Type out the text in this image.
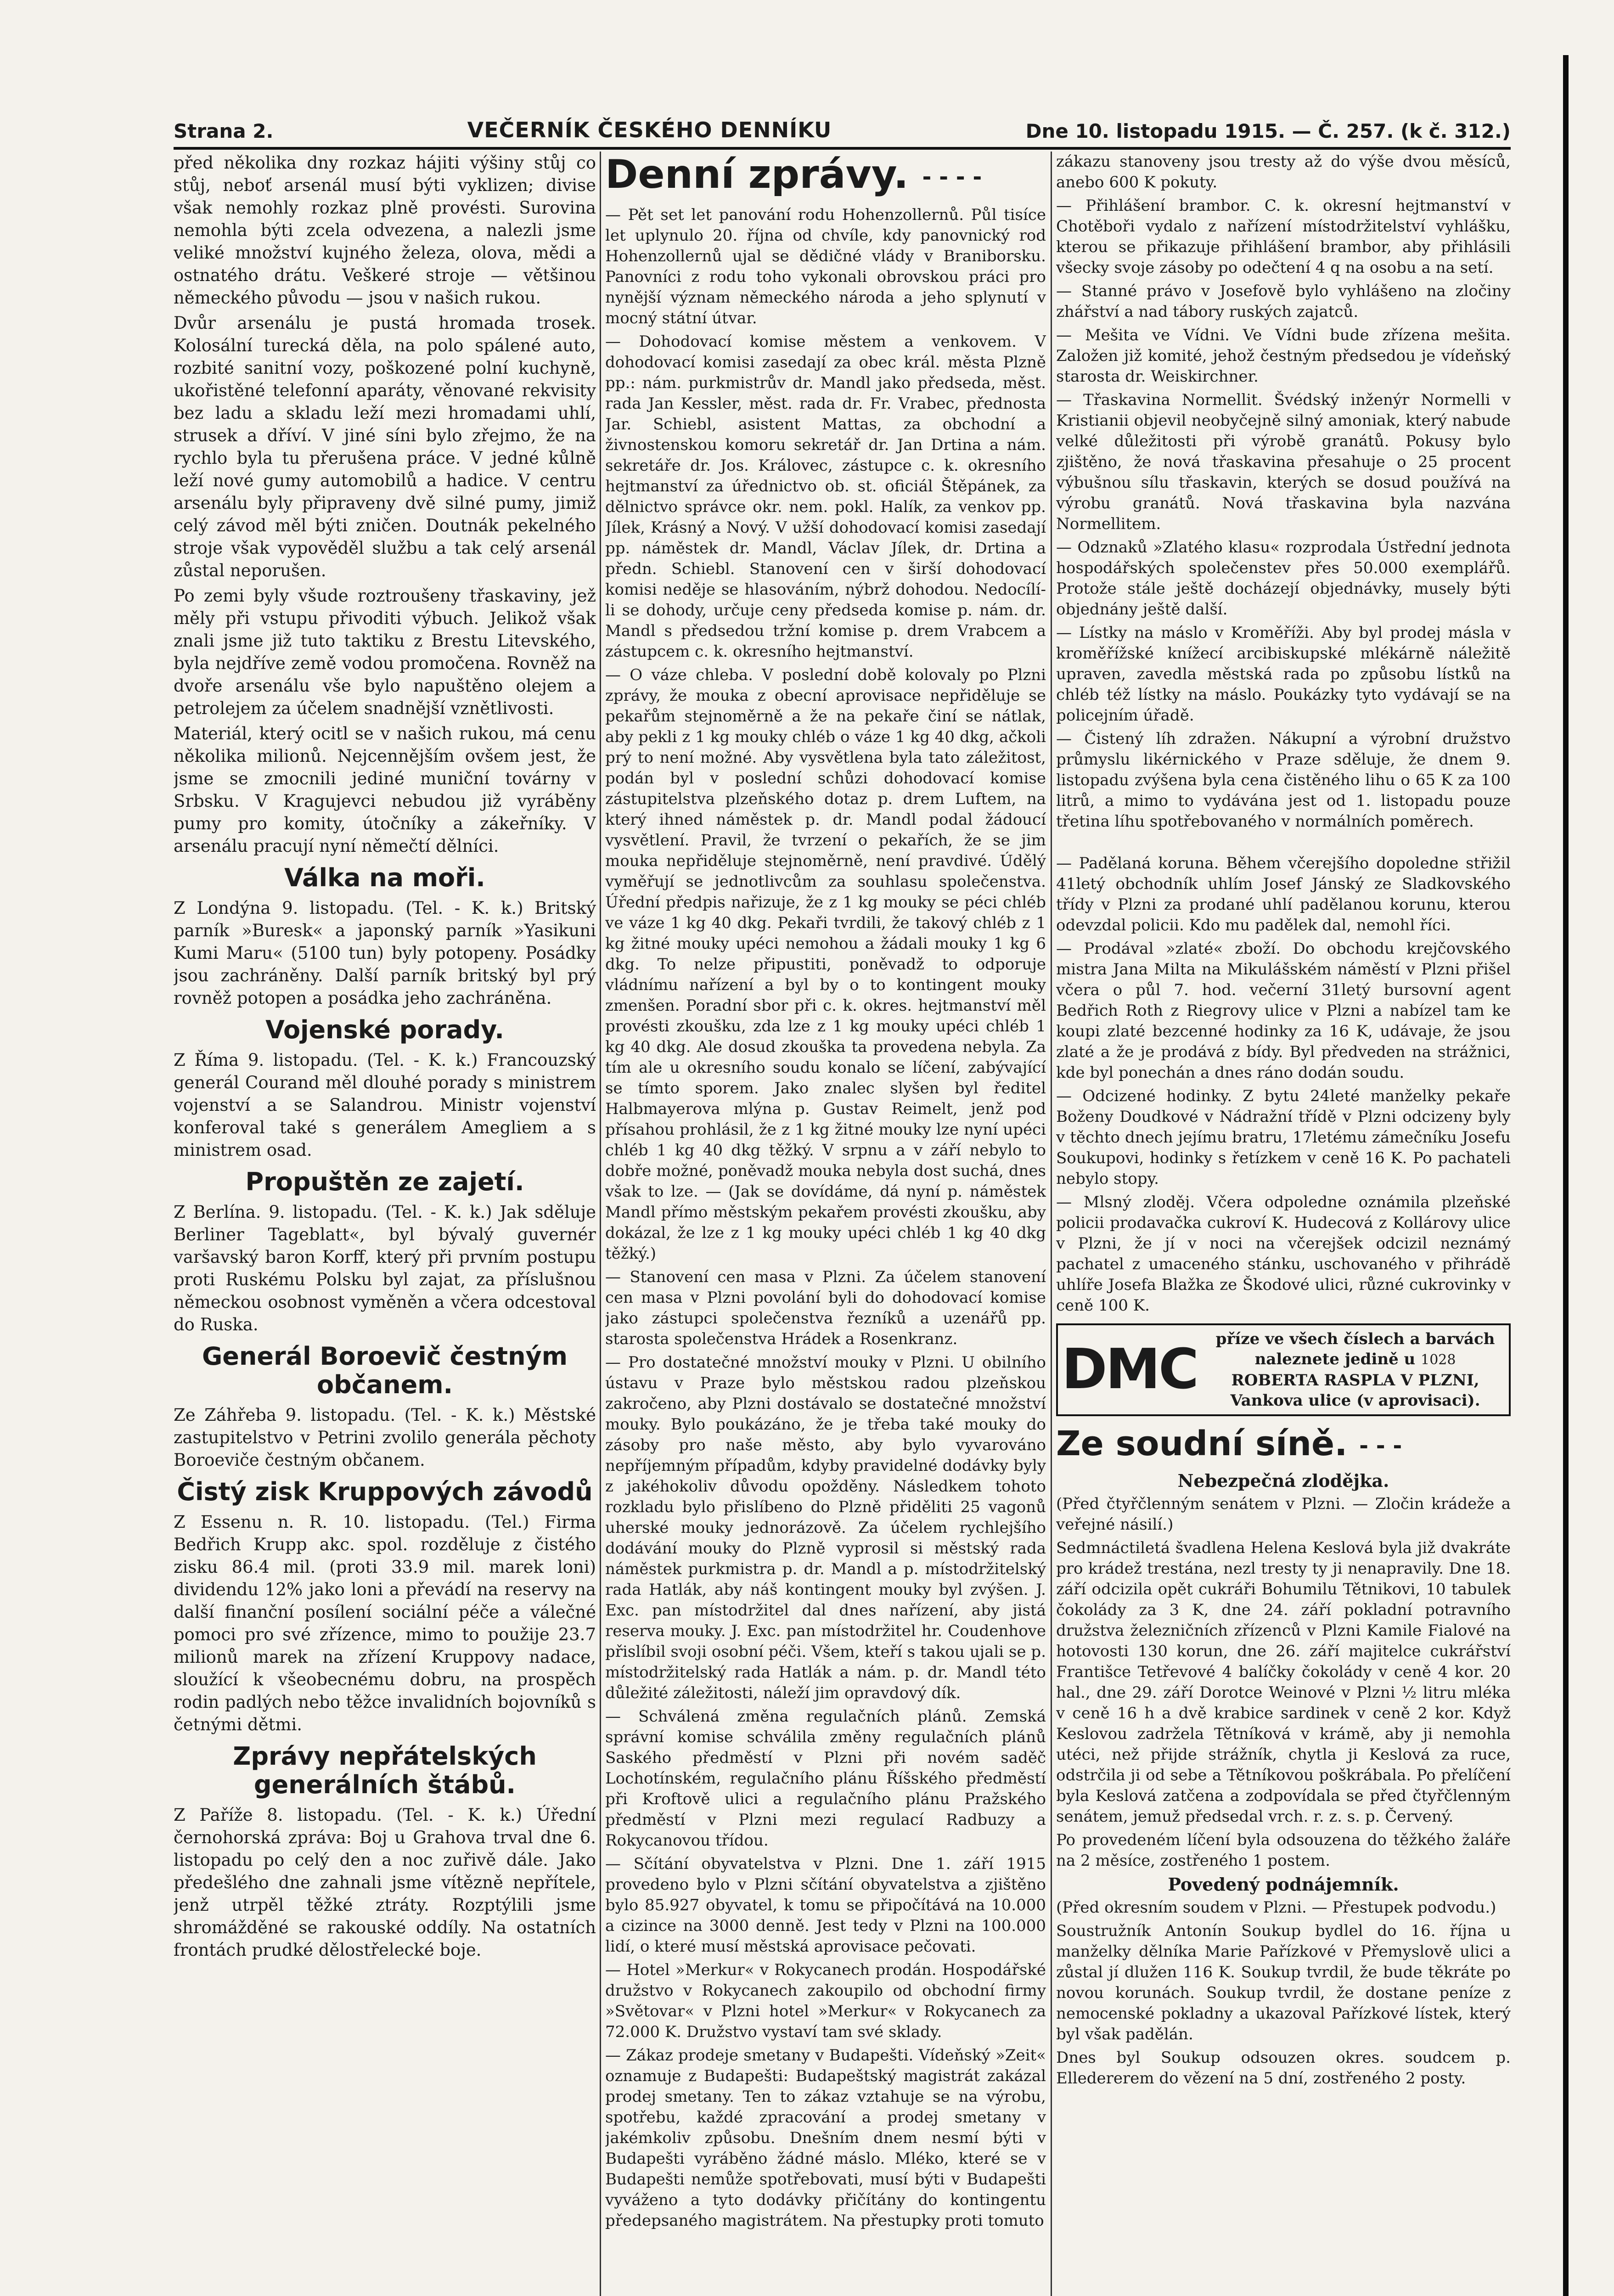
Strana 2.	VEČERNÍK ČESKÉHO DENNÍKU	Dne 10. listopadu 1915. — Č. 257. (k č. 312.)

před několika dny rozkaz hájiti výšiny stůj co stůj, neboť arsenál musí býti vyklizen; divise však nemohly rozkaz plně provésti. Surovina nemohla býti zcela odvezena, a nalezli jsme veliké množství kujného železa, olova, mědi a ostnatého drátu. Veškeré stroje — většinou německého původu — jsou v našich rukou.

Dvůr arsenálu je pustá hromada trosek. Kolosální turecká děla, na polo spálené auto, rozbité sanitní vozy, poškozené polní kuchyně, ukořistěné telefonní aparáty, věnované rekvisity bez ladu a skladu leží mezi hromadami uhlí, strusek a dříví. V jiné síni bylo zřejmo, že na rychlo byla tu přerušena práce. V jedné kůlně leží nové gumy automobilů a hadice. V centru arsenálu byly připraveny dvě silné pumy, jimiž celý závod měl býti zničen. Doutnák pekelného stroje však vypověděl službu a tak celý arsenál zůstal neporušen.

Po zemi byly všude roztroušeny třaskaviny, jež měly při vstupu přivoditi výbuch. Jelikož však znali jsme již tuto taktiku z Brestu Litevského, byla nejdříve země vodou promočena. Rovněž na dvoře arsenálu vše bylo napuštěno olejem a petrolejem za účelem snadnější vznětlivosti.

Materiál, který ocitl se v našich rukou, má cenu několika milionů. Nejcennějším ovšem jest, že jsme se zmocnili jediné muniční továrny v Srbsku. V Kragujevci nebudou již vyráběny pumy pro komity, útočníky a zákeřníky. V arsenálu pracují nyní němečtí dělníci.

Válka na moři.

Z Londýna 9. listopadu. (Tel. - K. k.) Britský parník »Buresk« a japonský parník »Yasikuni Kumi Maru« (5100 tun) byly potopeny. Posádky jsou zachráněny. Další parník britský byl prý rovněž potopen a posádka jeho zachráněna.

Vojenské porady.

Z Říma 9. listopadu. (Tel. - K. k.) Francouzský generál Courand měl dlouhé porady s ministrem vojenství a se Salandrou. Ministr vojenství konferoval také s generálem Amegliem a s ministrem osad.

Propuštěn ze zajetí.

Z Berlína. 9. listopadu. (Tel. - K. k.) Jak sděluje Berliner Tageblatt«, byl bývalý guvernér varšavský baron Korff, který při prvním postupu proti Ruskému Polsku byl zajat, za příslušnou německou osobnost vyměněn a včera odcestoval do Ruska.

Generál Boroevič čestným občanem.

Ze Záhřeba 9. listopadu. (Tel. - K. k.) Městské zastupitelstvo v Petrini zvolilo generála pěchoty Boroeviče čestným občanem.

Čistý zisk Kruppových závodů

Z Essenu n. R. 10. listopadu. (Tel.) Firma Bedřich Krupp akc. spol. rozděluje z čistého zisku 86.4 mil. (proti 33.9 mil. marek loni) dividendu 12% jako loni a převádí na reservy na další finanční posílení sociální péče a válečné pomoci pro své zřízence, mimo to použije 23.7 milionů marek na zřízení Kruppovy nadace, sloužící k všeobecnému dobru, na prospěch rodin padlých nebo těžce invalidních bojovníků s četnými dětmi.

Zprávy nepřátelských generálních štábů.

Z Paříže 8. listopadu. (Tel. - K. k.) Úřední černohorská zpráva: Boj u Grahova trval dne 6. listopadu po celý den a noc zuřivě dále. Jako předešlého dne zahnali jsme vítězně nepřítele, jenž utrpěl těžké ztráty. Rozptýlili jsme shromážděné se rakouské oddíly. Na ostatních frontách prudké dělostřelecké boje.

Denní zprávy. - - - -

— Pět set let panování rodu Hohenzollernů. Půl tisíce let uplynulo 20. října od chvíle, kdy panovnický rod Hohenzollernů ujal se dědičné vlády v Braniborsku. Panovníci z rodu toho vykonali obrovskou práci pro nynější význam německého národa a jeho splynutí v mocný státní útvar.

— Dohodovací komise městem a venkovem. V dohodovací komisi zasedají za obec král. města Plzně pp.: nám. purkmistrův dr. Mandl jako předseda, měst. rada Jan Kessler, měst. rada dr. Fr. Vrabec, přednosta Jar. Schiebl, asistent Mattas, za obchodní a živnostenskou komoru sekretář dr. Jan Drtina a nám. sekretáře dr. Jos. Královec, zástupce c. k. okresního hejtmanství za úřednictvo ob. st. oficiál Štěpánek, za dělnictvo správce okr. nem. pokl. Halík, za venkov pp. Jílek, Krásný a Nový. V užší dohodovací komisi zasedají pp. náměstek dr. Mandl, Václav Jílek, dr. Drtina a předn. Schiebl. Stanovení cen v širší dohodovací komisi neděje se hlasováním, nýbrž dohodou. Nedocílí-li se dohody, určuje ceny předseda komise p. nám. dr. Mandl s předsedou tržní komise p. drem Vrabcem a zástupcem c. k. okresního hejtmanství.

— O váze chleba. V poslední době kolovaly po Plzni zprávy, že mouka z obecní aprovisace nepřiděluje se pekařům stejnoměrně a že na pekaře činí se nátlak, aby pekli z 1 kg mouky chléb o váze 1 kg 40 dkg, ačkoli prý to není možné. Aby vysvětlena byla tato záležitost, podán byl v poslední schůzi dohodovací komise zástupitelstva plzeňského dotaz p. drem Luftem, na který ihned náměstek p. dr. Mandl podal žádoucí vysvětlení. Pravil, že tvrzení o pekařích, že se jim mouka nepřiděluje stejnoměrně, není pravdivé. Údělý vyměřují se jednotlivcům za souhlasu společenstva. Úřední předpis nařizuje, že z 1 kg mouky se péci chléb ve váze 1 kg 40 dkg. Pekaři tvrdili, že takový chléb z 1 kg žitné mouky upéci nemohou a žádali mouky 1 kg 6 dkg. To nelze připustiti, poněvadž to odporuje vládnímu nařízení a byl by o to kontingent mouky zmenšen. Poradní sbor při c. k. okres. hejtmanství měl provésti zkoušku, zda lze z 1 kg mouky upéci chléb 1 kg 40 dkg. Ale dosud zkouška ta provedena nebyla. Za tím ale u okresního soudu konalo se líčení, zabývající se tímto sporem. Jako znalec slyšen byl ředitel Halbmayerova mlýna p. Gustav Reimelt, jenž pod přísahou prohlásil, že z 1 kg žitné mouky lze nyní upéci chléb 1 kg 40 dkg těžký. V srpnu a v září nebylo to dobře možné, poněvadž mouka nebyla dost suchá, dnes však to lze. — (Jak se dovídáme, dá nyní p. náměstek Mandl přímo městským pekařem provésti zkoušku, aby dokázal, že lze z 1 kg mouky upéci chléb 1 kg 40 dkg těžký.)

— Stanovení cen masa v Plzni. Za účelem stanovení cen masa v Plzni povolání byli do dohodovací komise jako zástupci společenstva řezníků a uzenářů pp. starosta společenstva Hrádek a Rosenkranz.

— Pro dostatečné množství mouky v Plzni. U obilního ústavu v Praze bylo městskou radou plzeňskou zakročeno, aby Plzni dostávalo se dostatečné množství mouky. Bylo poukázáno, že je třeba také mouky do zásoby pro naše město, aby bylo vyvarováno nepříjemným případům, kdyby pravidelné dodávky byly z jakéhokoliv důvodu opožděny. Následkem tohoto rozkladu bylo přislíbeno do Plzně přiděliti 25 vagonů uherské mouky jednorázově. Za účelem rychlejšího dodávání mouky do Plzně vyprosil si městský rada náměstek purkmistra p. dr. Mandl a p. místodržitelský rada Hatlák, aby náš kontingent mouky byl zvýšen. J. Exc. pan místodržitel dal dnes nařízení, aby jistá reserva mouky. J. Exc. pan místodržitel hr. Coudenhove přislíbil svoji osobní péči. Všem, kteří s takou ujali se p. místodržitelský rada Hatlák a nám. p. dr. Mandl této důležité záležitosti, náleží jim opravdový dík.

— Schválená změna regulačních plánů. Zemská správní komise schválila změny regulačních plánů Saského předměstí v Plzni při novém saděč Lochotínském, regulačního plánu Říšského předměstí při Kroftově ulici a regulačního plánu Pražského předměstí v Plzni mezi regulací Radbuzy a Rokycanovou třídou.

— Sčítání obyvatelstva v Plzni. Dne 1. září 1915 provedeno bylo v Plzni sčítání obyvatelstva a zjištěno bylo 85.927 obyvatel, k tomu se připočítává na 10.000 a cizince na 3000 denně. Jest tedy v Plzni na 100.000 lidí, o které musí městská aprovisace pečovati.

— Hotel »Merkur« v Rokycanech prodán. Hospodářské družstvo v Rokycanech zakoupilo od obchodní firmy »Světovar« v Plzni hotel »Merkur« v Rokycanech za 72.000 K. Družstvo vystaví tam své sklady.

— Zákaz prodeje smetany v Budapešti. Vídeňský »Zeit« oznamuje z Budapešti: Budapeštský magistrát zakázal prodej smetany. Ten to zákaz vztahuje se na výrobu, spotřebu, každé zpracování a prodej smetany v jakémkoliv způsobu. Dnešním dnem nesmí býti v Budapešti vyráběno žádné máslo. Mléko, které se v Budapešti nemůže spotřebovati, musí býti v Budapešti vyváženo a tyto dodávky přičítány do kontingentu předepsaného magistrátem. Na přestupky proti tomuto

zákazu stanoveny jsou tresty až do výše dvou měsíců, anebo 600 K pokuty.

— Přihlášení brambor. C. k. okresní hejtmanství v Chotěboři vydalo z nařízení místodržitelství vyhlášku, kterou se přikazuje přihlášení brambor, aby přihlásili všecky svoje zásoby po odečtení 4 q na osobu a na setí.

— Stanné právo v Josefově bylo vyhlášeno na zločiny zhářství a nad tábory ruských zajatců.

— Mešita ve Vídni. Ve Vídni bude zřízena mešita. Založen již komité, jehož čestným předsedou je vídeňský starosta dr. Weiskirchner.

— Třaskavina Normellit. Švédský inženýr Normelli v Kristianii objevil neobyčejně silný amoniak, který nabude velké důležitosti při výrobě granátů. Pokusy bylo zjištěno, že nová třaskavina přesahuje o 25 procent výbušnou sílu třaskavin, kterých se dosud používá na výrobu granátů. Nová třaskavina byla nazvána Normellitem.

— Odznaků »Zlatého klasu« rozprodala Ústřední jednota hospodářských společenstev přes 50.000 exemplářů. Protože stále ještě docházejí objednávky, musely býti objednány ještě další.

— Lístky na máslo v Kroměříži. Aby byl prodej másla v kroměřížské knížecí arcibiskupské mlékárně náležitě upraven, zavedla městská rada po způsobu lístků na chléb též lístky na máslo. Poukázky tyto vydávají se na policejním úřadě.

— Čistený líh zdražen. Nákupní a výrobní družstvo průmyslu likérnického v Praze sděluje, že dnem 9. listopadu zvýšena byla cena čistěného lihu o 65 K za 100 litrů, a mimo to vydávána jest od 1. listopadu pouze třetina líhu spotřebovaného v normálních poměrech.

— Padělaná koruna. Během včerejšího dopoledne střižil 41letý obchodník uhlím Josef Jánský ze Sladkovského třídy v Plzni za prodané uhlí padělanou korunu, kterou odevzdal policii. Kdo mu padělek dal, nemohl říci.

— Prodával »zlaté« zboží. Do obchodu krejčovského mistra Jana Milta na Mikulášském náměstí v Plzni přišel včera o půl 7. hod. večerní 31letý bursovní agent Bedřich Roth z Riegrovy ulice v Plzni a nabízel tam ke koupi zlaté bezcenné hodinky za 16 K, udávaje, že jsou zlaté a že je prodává z bídy. Byl předveden na strážnici, kde byl ponechán a dnes ráno dodán soudu.

— Odcizené hodinky. Z bytu 24leté manželky pekaře Boženy Doudkové v Nádražní třídě v Plzni odcizeny byly v těchto dnech jejímu bratru, 17letému zámečníku Josefu Soukupovi, hodinky s řetízkem v ceně 16 K. Po pachateli nebylo stopy.

— Mlsný zloděj. Včera odpoledne oznámila plzeňské policii prodavačka cukroví K. Hudecová z Kollárovy ulice v Plzni, že jí v noci na včerejšek odcizil neznámý pachatel z umaceného stánku, uschovaného v přihrádě uhlíře Josefa Blažka ze Škodové ulici, různé cukrovinky v ceně 100 K.

DMC	příze ve všech číslech a barvách
naleznete jedině u 1028
ROBERTA RASPLA V PLZNI,
Vankova ulice (v aprovisaci).
Ze soudní síně. - - -
Nebezpečná zlodějka.

(Před čtyřčlenným senátem v Plzni. — Zločin krádeže a veřejné násilí.)

Sedmnáctiletá švadlena Helena Keslová byla již dvakráte pro krádež trestána, nezl tresty ty ji nenapravily. Dne 18. září odcizila opět cukráři Bohumilu Tětnikovi, 10 tabulek čokolády za 3 K, dne 24. září pokladní potravního družstva železničních zřízenců v Plzni Kamile Fialové na hotovosti 130 korun, dne 26. září majitelce cukrářství Františce Tetřevové 4 balíčky čokolády v ceně 4 kor. 20 hal., dne 29. září Dorotce Weinové v Plzni ½ litru mléka v ceně 16 h a dvě krabice sardinek v ceně 2 kor. Když Keslovou zadržela Tětníková v krámě, aby ji nemohla utéci, než přijde strážník, chytla ji Keslová za ruce, odstrčila ji od sebe a Tětníkovou poškrábala. Po přelíčení byla Keslová zatčena a zodpovídala se před čtyřčlenným senátem, jemuž předsedal vrch. r. z. s. p. Červený.

Po provedeném líčení byla odsouzena do těžkého žaláře na 2 měsíce, zostřeného 1 postem.

Povedený podnájemník.

(Před okresním soudem v Plzni. — Přestupek podvodu.)

Soustružník Antonín Soukup bydlel do 16. října u manželky dělníka Marie Pařízkové v Přemyslově ulici a zůstal jí dlužen 116 K. Soukup tvrdil, že bude těkráte po novou korunách. Soukup tvrdil, že dostane peníze z nemocenské pokladny a ukazoval Pařízkové lístek, který byl však padělán.

Dnes byl Soukup odsouzen okres. soudcem p. Elledererem do vězení na 5 dní, zostřeného 2 posty.
